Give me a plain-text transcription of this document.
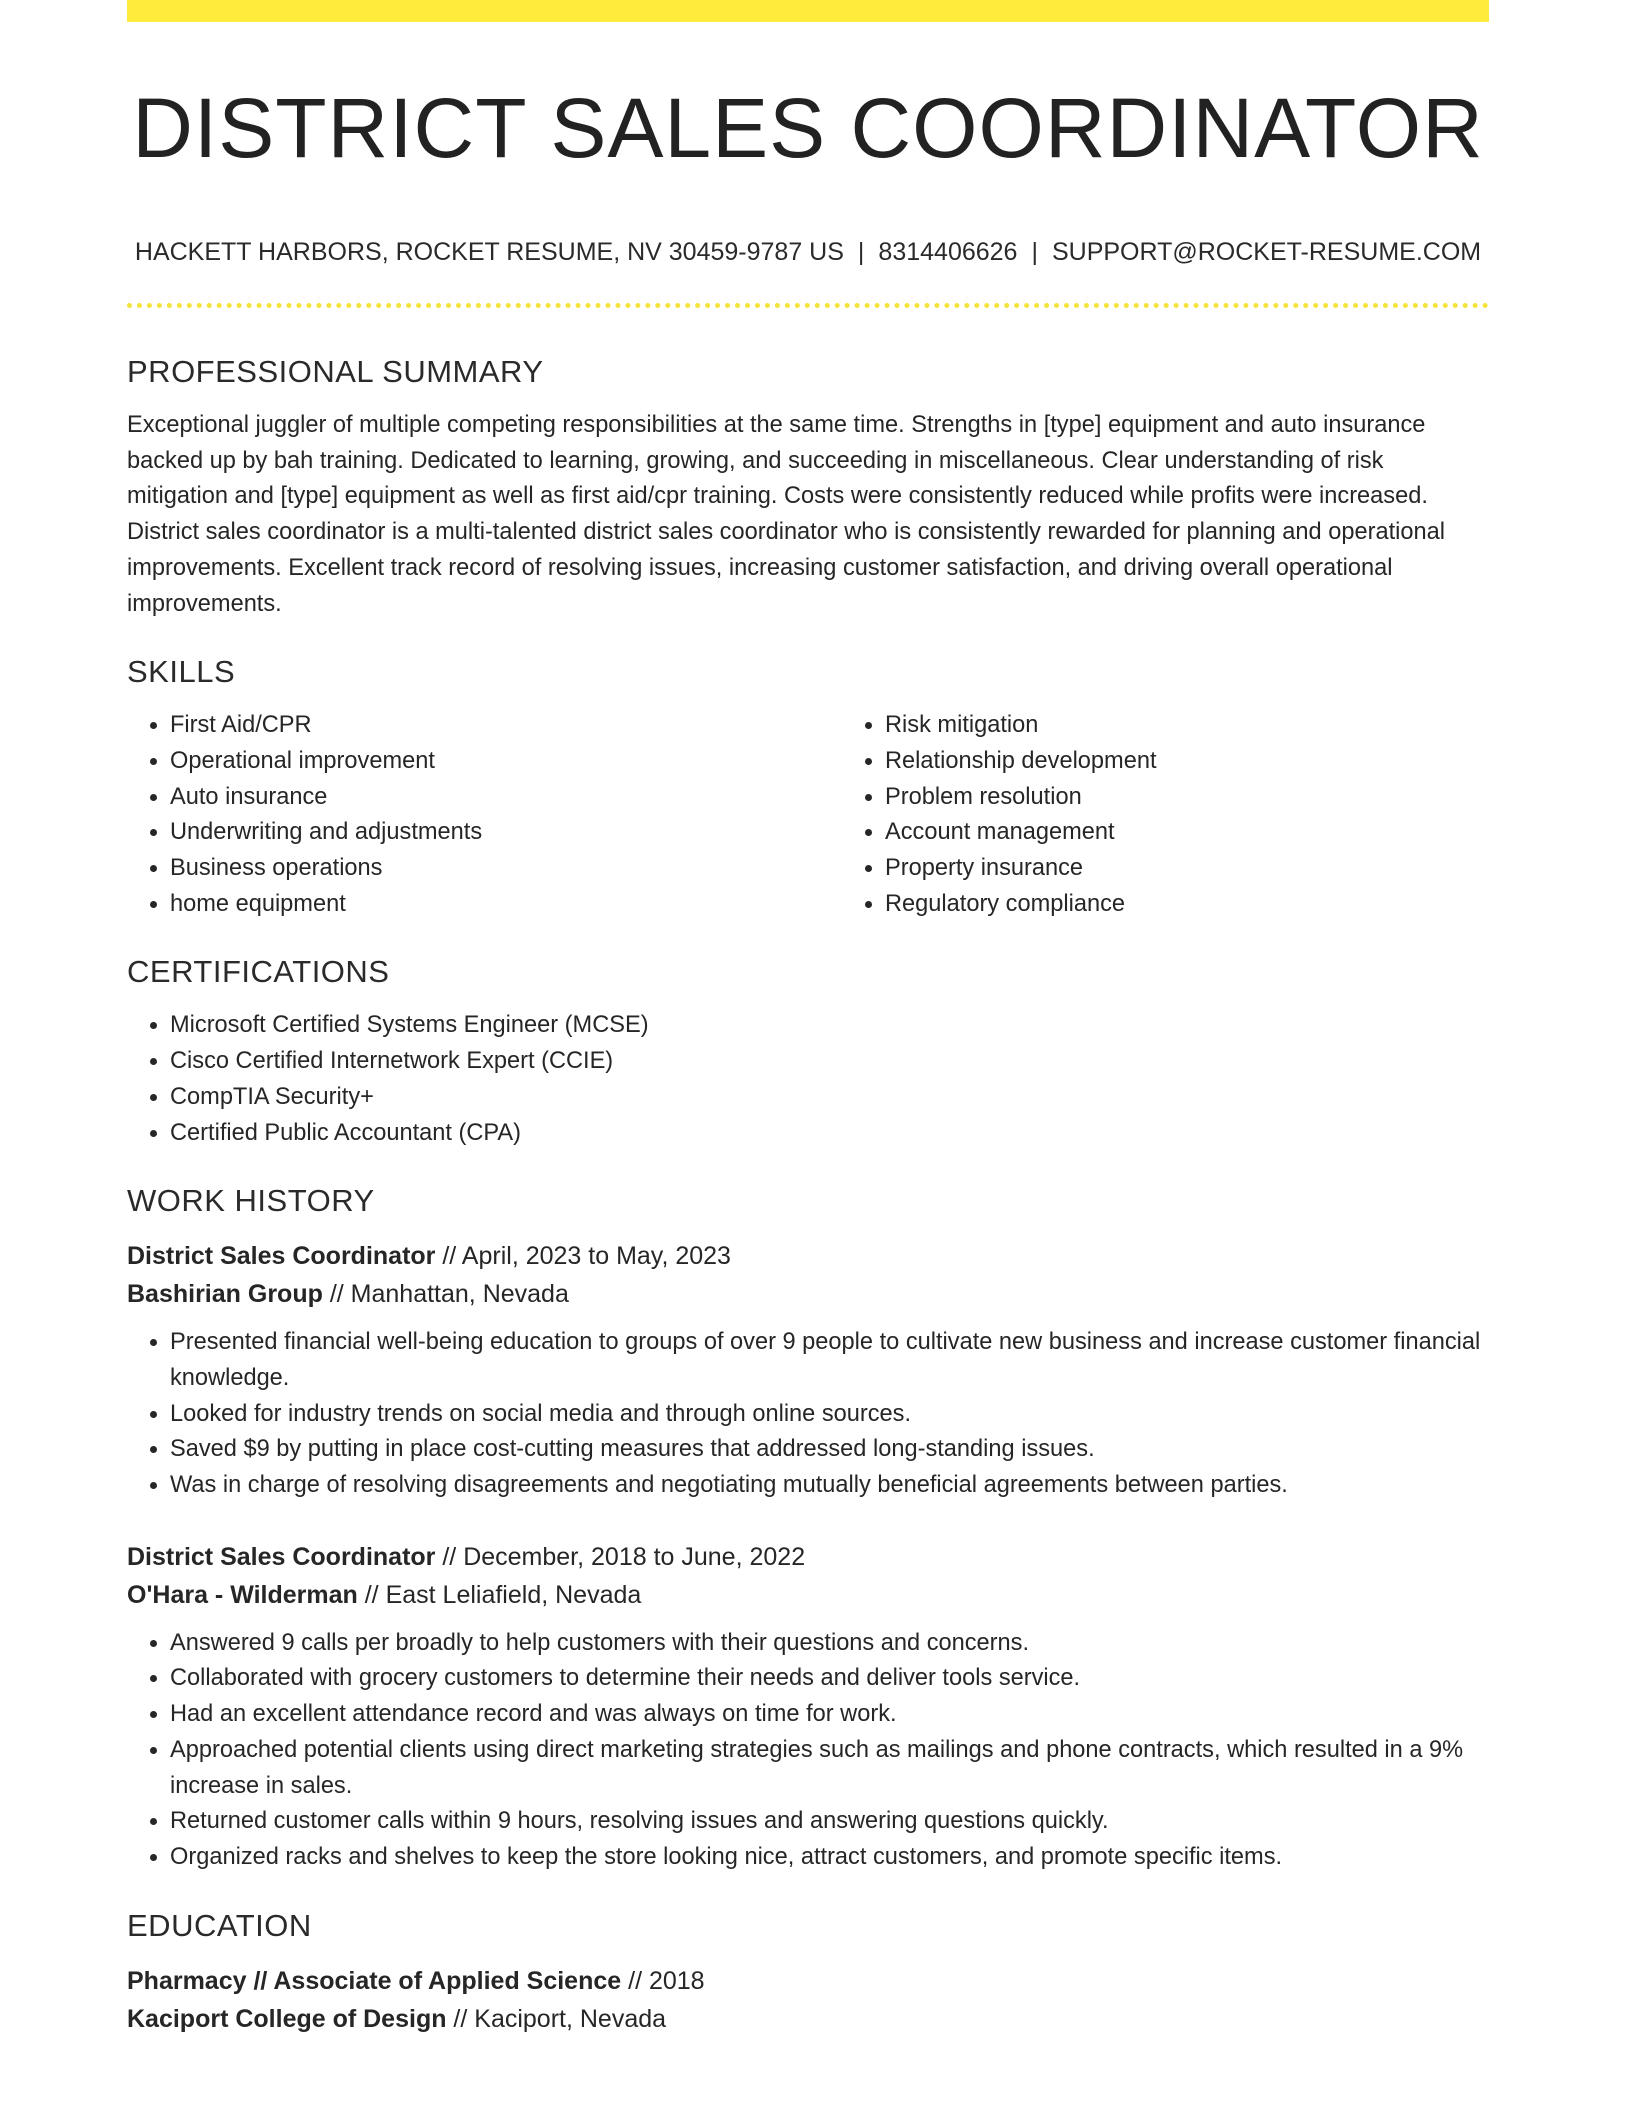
DISTRICT SALES COORDINATOR
HACKETT HARBORS, ROCKET RESUME, NV 30459-9787 US | 8314406626 | SUPPORT@ROCKET-RESUME.COM
PROFESSIONAL SUMMARY

Exceptional juggler of multiple competing responsibilities at the same time. Strengths in [type] equipment and auto insurance backed up by bah training. Dedicated to learning, growing, and succeeding in miscellaneous. Clear understanding of risk mitigation and [type] equipment as well as first aid/cpr training. Costs were consistently reduced while profits were increased. District sales coordinator is a multi-talented district sales coordinator who is consistently rewarded for planning and operational improvements. Excellent track record of resolving issues, increasing customer satisfaction, and driving overall operational improvements.

SKILLS
• First Aid/CPR
• Operational improvement
• Auto insurance
• Underwriting and adjustments
• Business operations
• home equipment
• Risk mitigation
• Relationship development
• Problem resolution
• Account management
• Property insurance
• Regulatory compliance
CERTIFICATIONS
• Microsoft Certified Systems Engineer (MCSE)
• Cisco Certified Internetwork Expert (CCIE)
• CompTIA Security+
• Certified Public Accountant (CPA)
WORK HISTORY
District Sales Coordinator // April, 2023 to May, 2023
Bashirian Group // Manhattan, Nevada
• Presented financial well-being education to groups of over 9 people to cultivate new business and increase customer financial knowledge.
• Looked for industry trends on social media and through online sources.
• Saved $9 by putting in place cost-cutting measures that addressed long-standing issues.
• Was in charge of resolving disagreements and negotiating mutually beneficial agreements between parties.
District Sales Coordinator // December, 2018 to June, 2022
O'Hara - Wilderman // East Leliafield, Nevada
• Answered 9 calls per broadly to help customers with their questions and concerns.
• Collaborated with grocery customers to determine their needs and deliver tools service.
• Had an excellent attendance record and was always on time for work.
• Approached potential clients using direct marketing strategies such as mailings and phone contracts, which resulted in a 9% increase in sales.
• Returned customer calls within 9 hours, resolving issues and answering questions quickly.
• Organized racks and shelves to keep the store looking nice, attract customers, and promote specific items.
EDUCATION
Pharmacy // Associate of Applied Science // 2018
Kaciport College of Design // Kaciport, Nevada
